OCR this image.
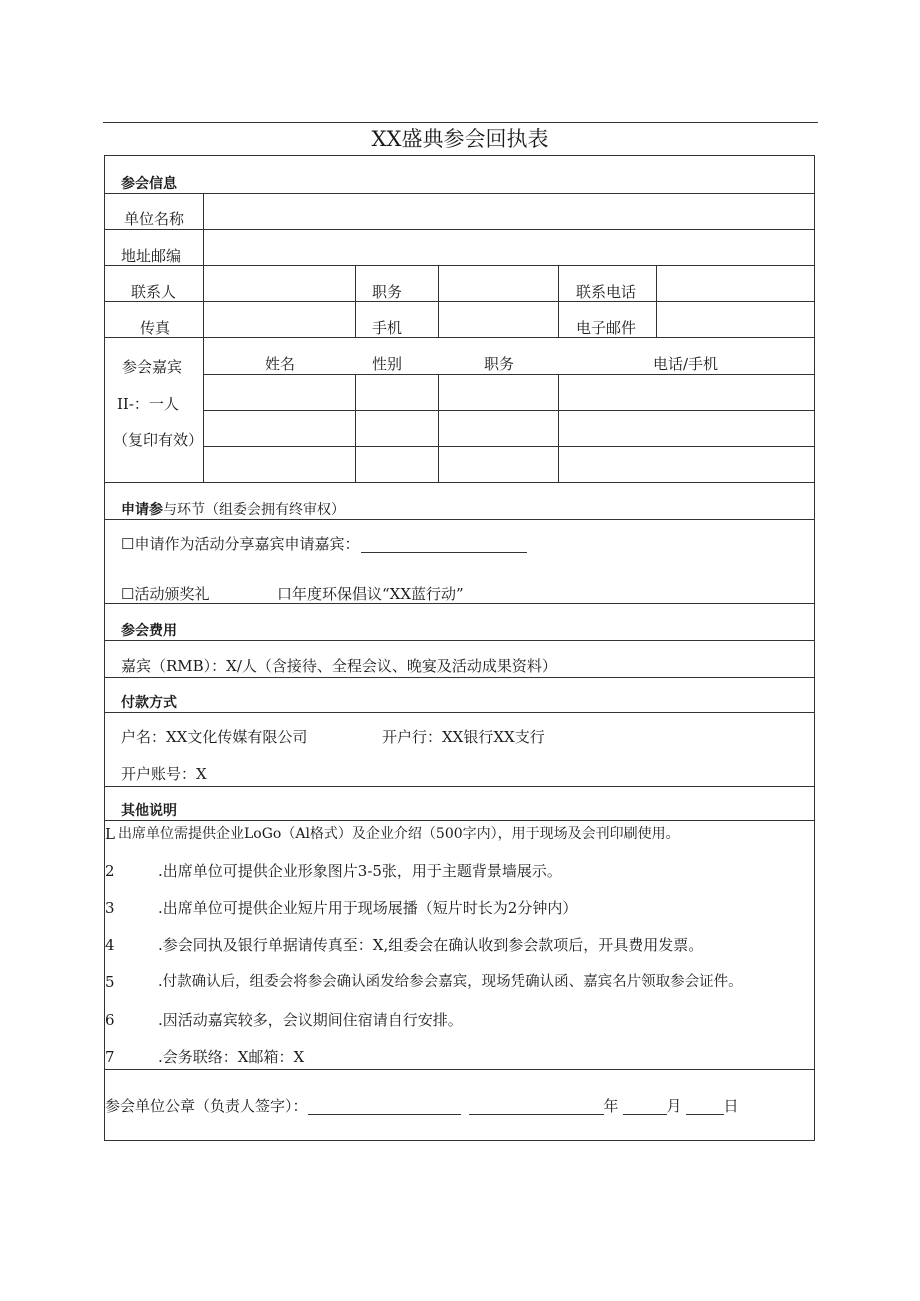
XX盛典参会回执表
参会信息
单位名称
地址邮编
联系人	职务	联系电话
传真	手机	电子邮件
参会嘉宾
II-：一人
（复印有效）
姓名	性别	职务	电话/手机
申请参与环节（组委会拥有终审权）
☐申请作为活动分享嘉宾申请嘉宾：
☐活动颁奖礼	口年度环保倡议“XX蓝行动”
参会费用
嘉宾（RMB）：X/人（含接待、全程会议、晚宴及活动成果资料）
付款方式
户名：XX文化传媒有限公司	开户行：XX银行XX支行
开户账号：X
其他说明
L 出席单位需提供企业LoGo（Al格式）及企业介绍（500字内），用于现场及会刊印刷使用。
2	.出席单位可提供企业形象图片3-5张，用于主题背景墙展示。
3	.出席单位可提供企业短片用于现场展播（短片时长为2分钟内）
4	.参会同执及银行单据请传真至：X,组委会在确认收到参会款项后，开具费用发票。
5	.付款确认后，组委会将参会确认函发给参会嘉宾，现场凭确认函、嘉宾名片领取参会证件。
6	.因活动嘉宾较多，会议期间住宿请自行安排。
7	.会务联络：X邮箱：X
参会单位公章（负责人签字）：	年	月	日
